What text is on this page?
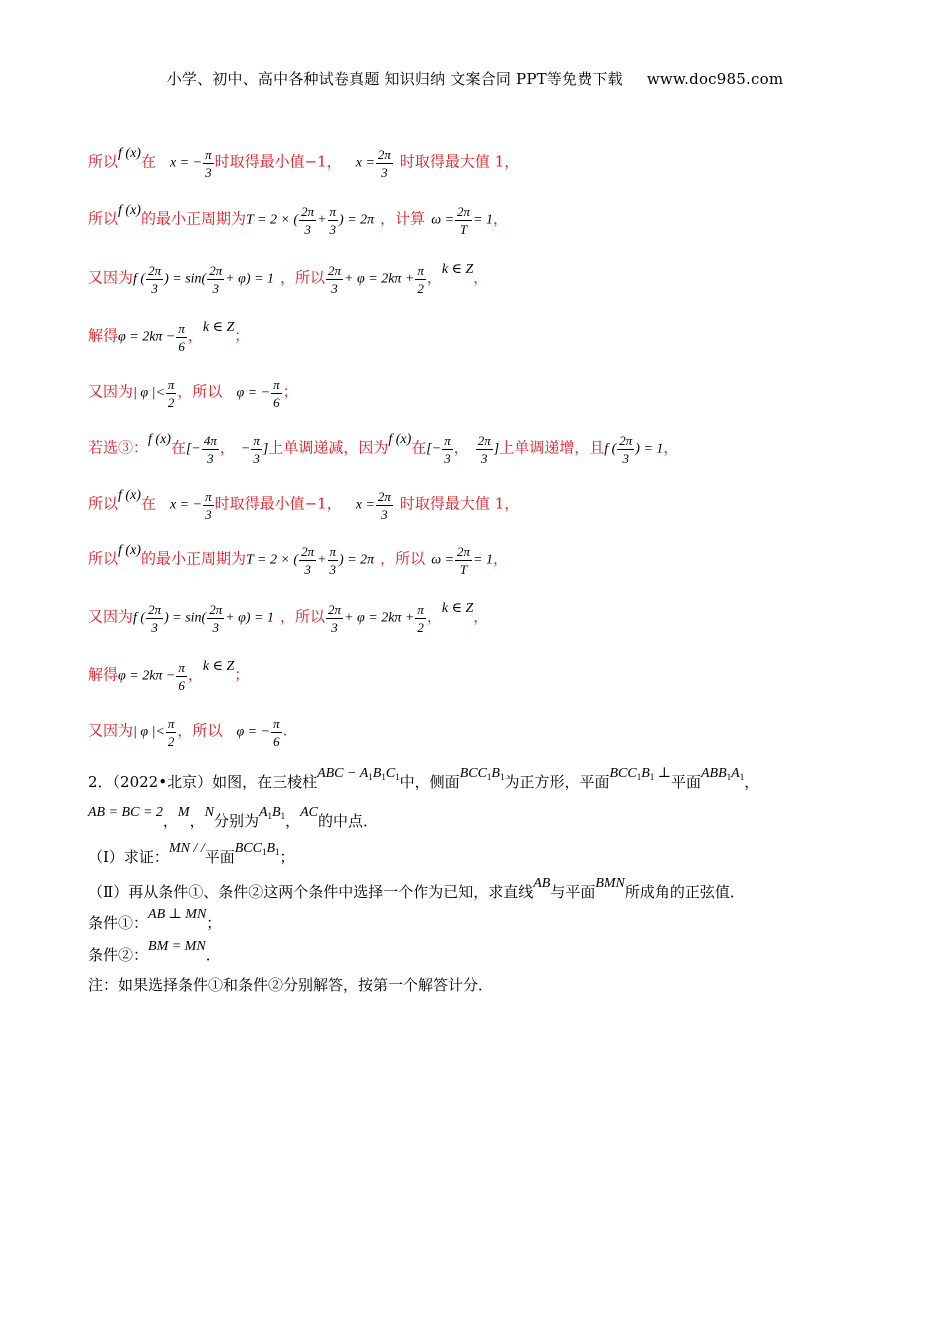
小学、初中、高中各种试卷真题 知识归纳 文案合同 PPT等免费下载 www.doc985.com
所以f (x)在 x = − $\frac{\pi}{3}$ 时取得最小值−1， $x = \frac{2\pi}{3}$ 时取得最大值 1，
所以f (x)的最小正周期为T = 2 × ( $\frac{2\pi}{3} + \frac{\pi}{3}$ ) = 2π ，计算 $\omega = \frac{2\pi}{T} = 1$，
又因为f ( $\frac{2\pi}{3}$ ) = $\sin( \frac{2\pi}{3} + \varphi) = 1$ ，所以 $\frac{2\pi}{3} + \varphi = 2k\pi + \frac{\pi}{2}$ ，k ∈ Z，
解得$\varphi = 2k\pi - \frac{\pi}{6}$ ，k ∈ Z；
又因为| φ |< $\frac{\pi}{2}$ ，所以 φ = − $\frac{\pi}{6}$ ；
若选③：f (x)在[− $\frac{4\pi}{3}$ ， − $\frac{\pi}{3}$ ]上单调递减，因为f (x)在[− $\frac{\pi}{3}$ ， $\frac{2\pi}{3}$ ]上单调递增，且f ( $\frac{2\pi}{3}$ ) = 1，
所以f (x)在 x = − $\frac{\pi}{3}$ 时取得最小值−1， $x = \frac{2\pi}{3}$ 时取得最大值 1，
所以f (x)的最小正周期为T = 2 × ( $\frac{2\pi}{3} + \frac{\pi}{3}$ ) = 2π ，所以 $\omega = \frac{2\pi}{T} = 1$，
又因为f ( $\frac{2\pi}{3}$ ) = $\sin( \frac{2\pi}{3} + \varphi) = 1$ ，所以 $\frac{2\pi}{3} + \varphi = 2k\pi + \frac{\pi}{2}$ ，k ∈ Z，
解得$\varphi = 2k\pi - \frac{\pi}{6}$ ，k ∈ Z；
又因为| φ |< $\frac{\pi}{2}$ ，所以 φ = − $\frac{\pi}{6}$ .
2．（2022•北京）如图，在三棱柱ABC − $A_1B_1C_1$中，侧面$BCC_1B_1$为正方形，平面$BCC_1B_1$ ⊥平面$ABB_1A_1$，
AB = BC = 2，M，N分别为$A_1B_1$，AC的中点．
（Ⅰ）求证：MN / /平面$BCC_1B_1$；
（Ⅱ）再从条件①、条件②这两个条件中选择一个作为已知，求直线AB与平面BMN所成角的正弦值．
条件①：AB ⊥ MN；
条件②：BM = MN．
注：如果选择条件①和条件②分别解答，按第一个解答计分．
